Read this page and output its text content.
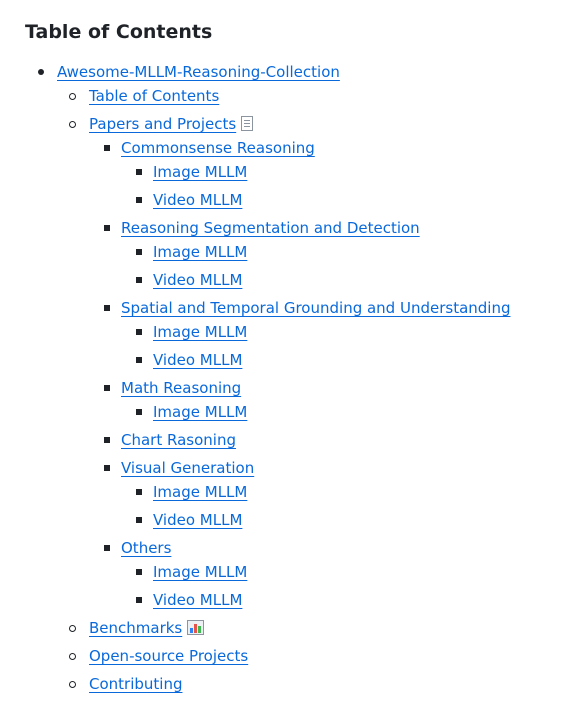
Table of Contents
Awesome-MLLM-Reasoning-Collection
Table of Contents
Papers and Projects
Commonsense Reasoning
Image MLLM
Video MLLM
Reasoning Segmentation and Detection
Image MLLM
Video MLLM
Spatial and Temporal Grounding and Understanding
Image MLLM
Video MLLM
Math Reasoning
Image MLLM
Chart Rasoning
Visual Generation
Image MLLM
Video MLLM
Others
Image MLLM
Video MLLM
Benchmarks
Open-source Projects
Contributing
